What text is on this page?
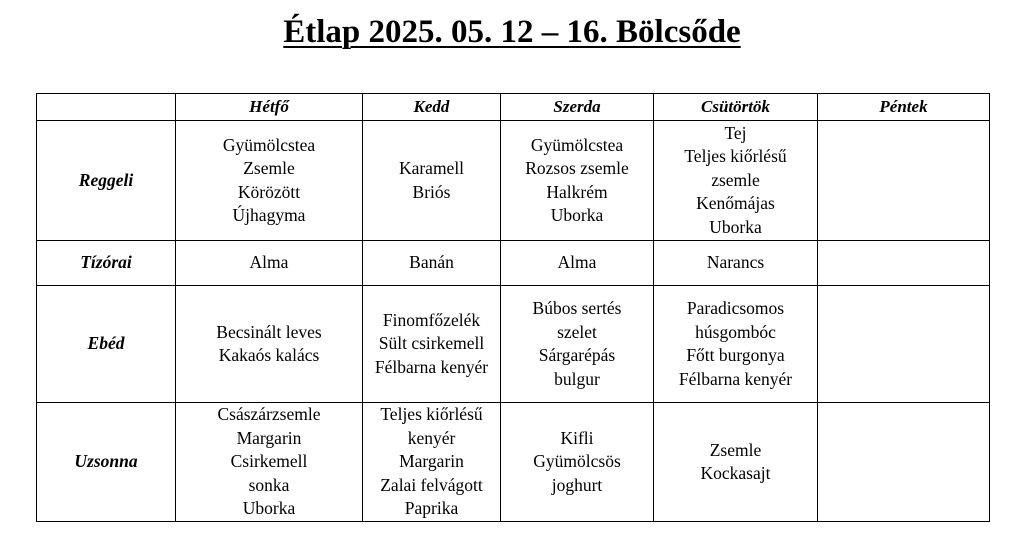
Étlap 2025. 05. 12 – 16. Bölcsőde
	Hétfő	Kedd	Szerda	Csütörtök	Péntek
Reggeli	Gyümölcstea
Zsemle
Körözött
Újhagyma	Karamell
Briós	Gyümölcstea
Rozsos zsemle
Halkrém
Uborka	Tej
Teljes kiőrlésű
zsemle
Kenőmájas
Uborka	

Tízórai	Alma	Banán	Alma	Narancs	

Ebéd	Becsinált leves
Kakaós kalács	Finomfőzelék
Sült csirkemell
Félbarna kenyér	Búbos sertés
szelet
Sárgarépás
bulgur	Paradicsomos
húsgombóc
Főtt burgonya
Félbarna kenyér	

Uzsonna	Császárzsemle
Margarin
Csirkemell
sonka
Uborka	Teljes kiőrlésű
kenyér
Margarin
Zalai felvágott
Paprika	Kifli
Gyümölcsös
joghurt	Zsemle
Kockasajt	
